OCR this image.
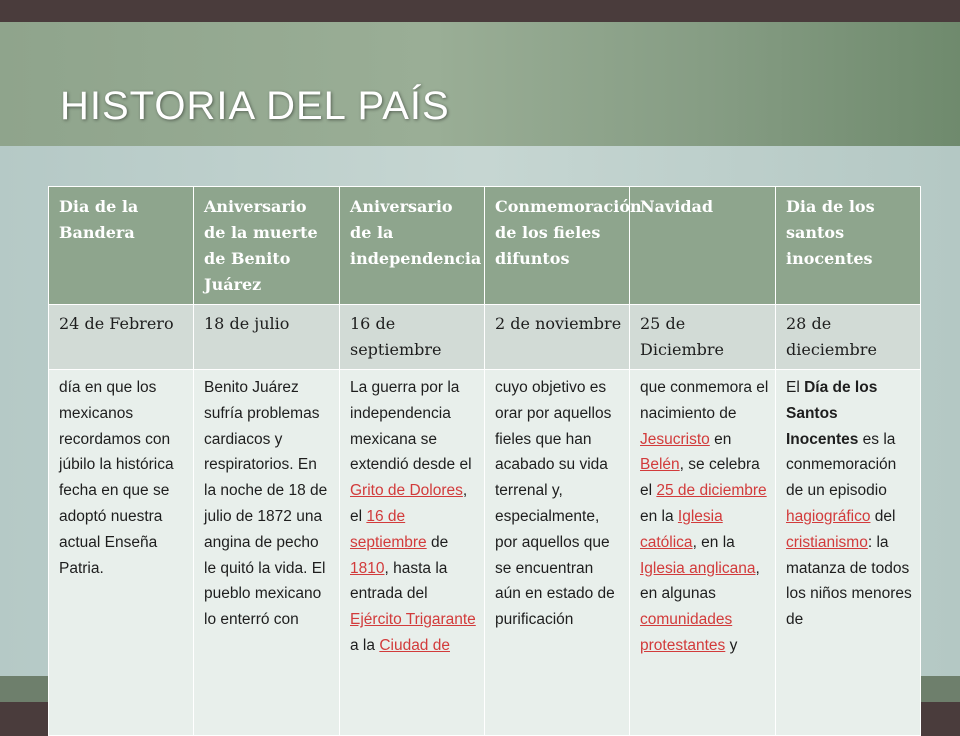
HISTORIA DEL PAÍS
Dia de la Bandera	Aniversario de la muerte de Benito Juárez	Aniversario de la independencia	Conmemoración de los fieles difuntos	Navidad	Dia de los santos inocentes
24 de Febrero	18 de julio	16 de septiembre	2 de noviembre	25 de Diciembre	28 de dieciembre
día en que los mexicanos recordamos con júbilo la histórica fecha en que se adoptó nuestra actual Enseña Patria.	Benito Juárez sufría problemas cardiacos y respiratorios. En la noche de 18 de julio de 1872 una angina de pecho le quitó la vida. El pueblo mexicano lo enterró con	La guerra por la independencia mexicana se extendió desde el Grito de Dolores, el 16 de septiembre de 1810, hasta la entrada del Ejército Trigarante a la Ciudad de	cuyo objetivo es orar por aquellos fieles que han acabado su vida terrenal y, especialmente, por aquellos que se encuentran aún en estado de purificación	que conmemora el nacimiento de Jesucristo en Belén, se celebra el 25 de diciembre en la Iglesia católica, en la Iglesia anglicana, en algunas comunidades protestantes y	El Día de los Santos Inocentes es la conmemoración de un episodio hagiográfico del cristianismo: la matanza de todos los niños menores de
